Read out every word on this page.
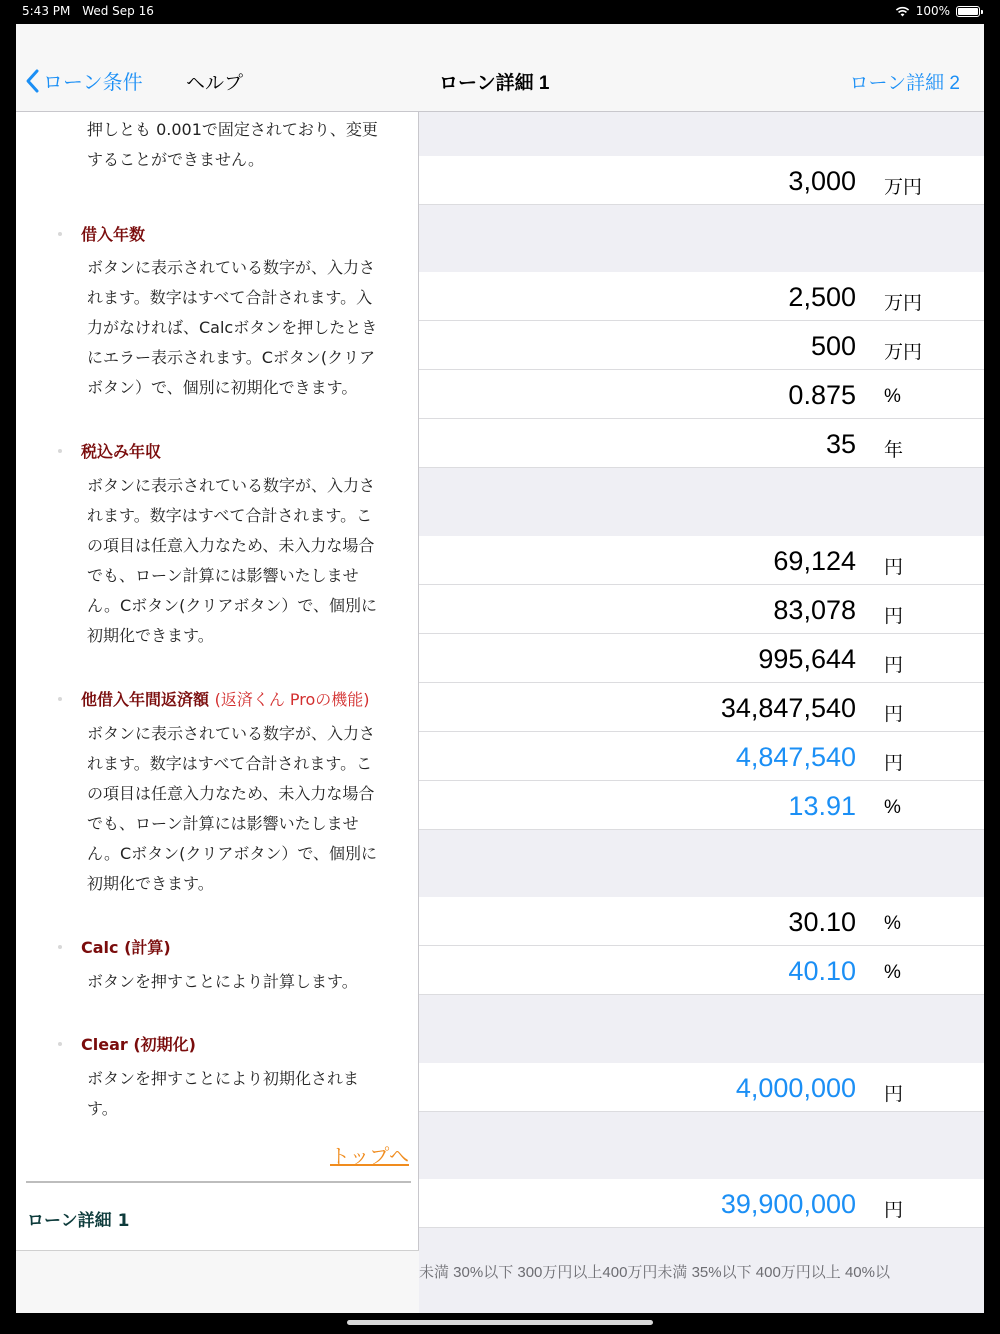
5:43 PM Wed Sep 16	100%
ローン詳細 1	ローン詳細 2
3,000 万円
2,500 万円
500 万円
0.875 %
35 年
69,124 円
83,078 円
995,644 円
34,847,540 円
4,847,540 円
13.91 %
30.10 %
40.10 %
4,000,000 円
39,900,000 円
未満 30%以下 300万円以上400万円未満 35%以下 400万円以上 40%以
ローン条件 ヘルプ
押しとも 0.001で固定されており、変更
することができません。
ボタンに表示されている数字が、入力さ
れます。数字はすべて合計されます。入
力がなければ、Calcボタンを押したとき
にエラー表示されます。Cボタン(クリア
ボタン）で、個別に初期化できます。
ボタンに表示されている数字が、入力さ
れます。数字はすべて合計されます。こ
の項目は任意入力なため、未入力な場合
でも、ローン計算には影響いたしませ
ん。Cボタン(クリアボタン）で、個別に
初期化できます。
ボタンに表示されている数字が、入力さ
れます。数字はすべて合計されます。こ
の項目は任意入力なため、未入力な場合
でも、ローン計算には影響いたしませ
ん。Cボタン(クリアボタン）で、個別に
初期化できます。
ボタンを押すことにより計算します。
ボタンを押すことにより初期化されま
す。
借入年数
税込み年収
他借入年間返済額 (返済くん Proの機能)
Calc (計算)
Clear (初期化)
トップへ
ローン詳細 1
